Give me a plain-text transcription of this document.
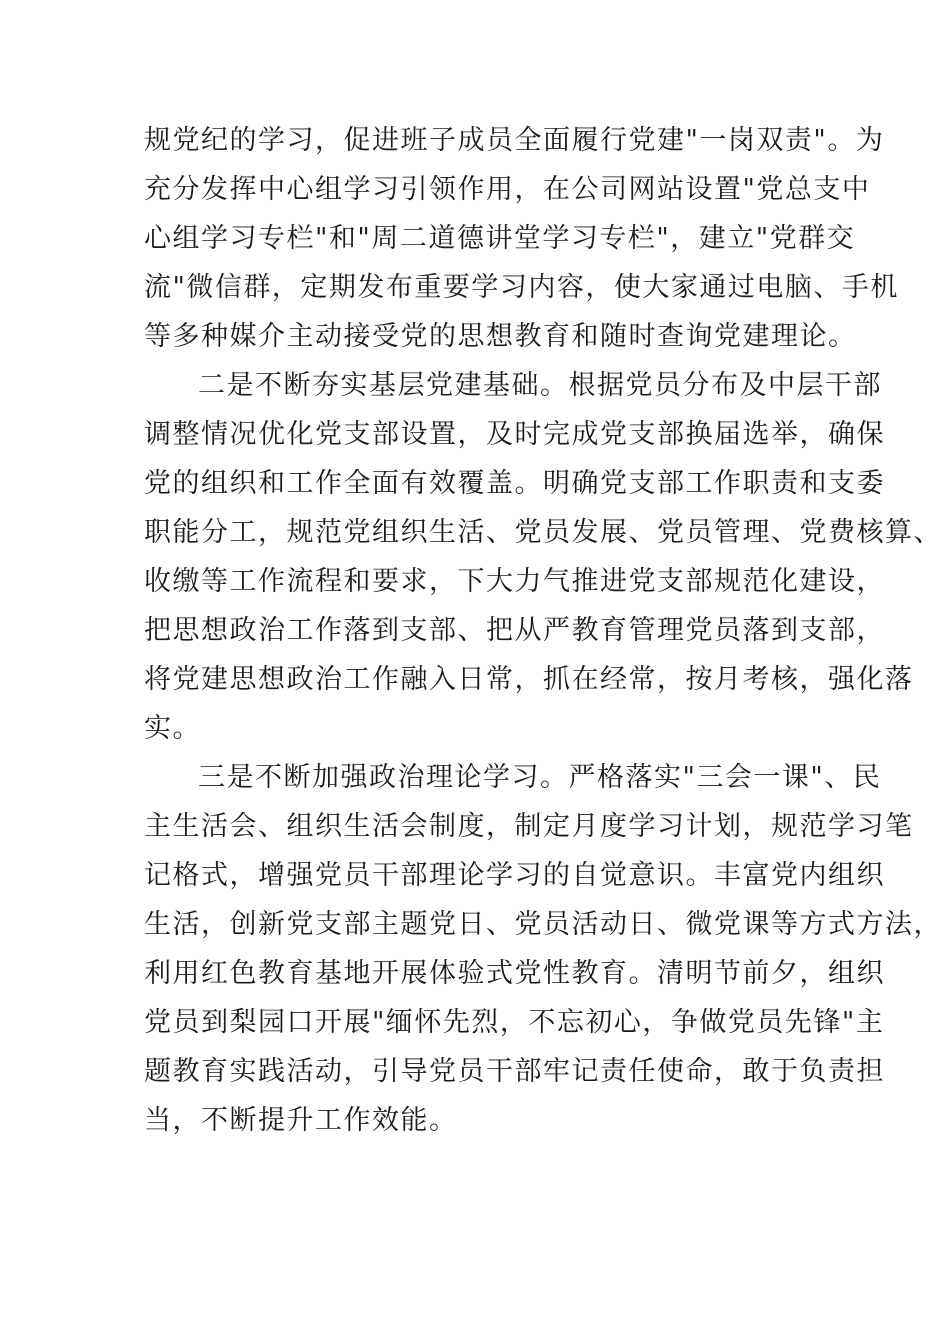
规党纪的学习，促进班子成员全面履行党建"一岗双责"。为
充分发挥中心组学习引领作用，在公司网站设置"党总支中
心组学习专栏"和"周二道德讲堂学习专栏"，建立"党群交
流"微信群，定期发布重要学习内容，使大家通过电脑、手机
等多种媒介主动接受党的思想教育和随时查询党建理论。
二是不断夯实基层党建基础。根据党员分布及中层干部
调整情况优化党支部设置，及时完成党支部换届选举，确保
党的组织和工作全面有效覆盖。明确党支部工作职责和支委
职能分工，规范党组织生活、党员发展、党员管理、党费核算、
收缴等工作流程和要求，下大力气推进党支部规范化建设，
把思想政治工作落到支部、把从严教育管理党员落到支部，
将党建思想政治工作融入日常，抓在经常，按月考核，强化落
实。
三是不断加强政治理论学习。严格落实"三会一课"、民
主生活会、组织生活会制度，制定月度学习计划，规范学习笔
记格式，增强党员干部理论学习的自觉意识。丰富党内组织
生活，创新党支部主题党日、党员活动日、微党课等方式方法，
利用红色教育基地开展体验式党性教育。清明节前夕，组织
党员到梨园口开展"缅怀先烈，不忘初心，争做党员先锋"主
题教育实践活动，引导党员干部牢记责任使命，敢于负责担
当，不断提升工作效能。
